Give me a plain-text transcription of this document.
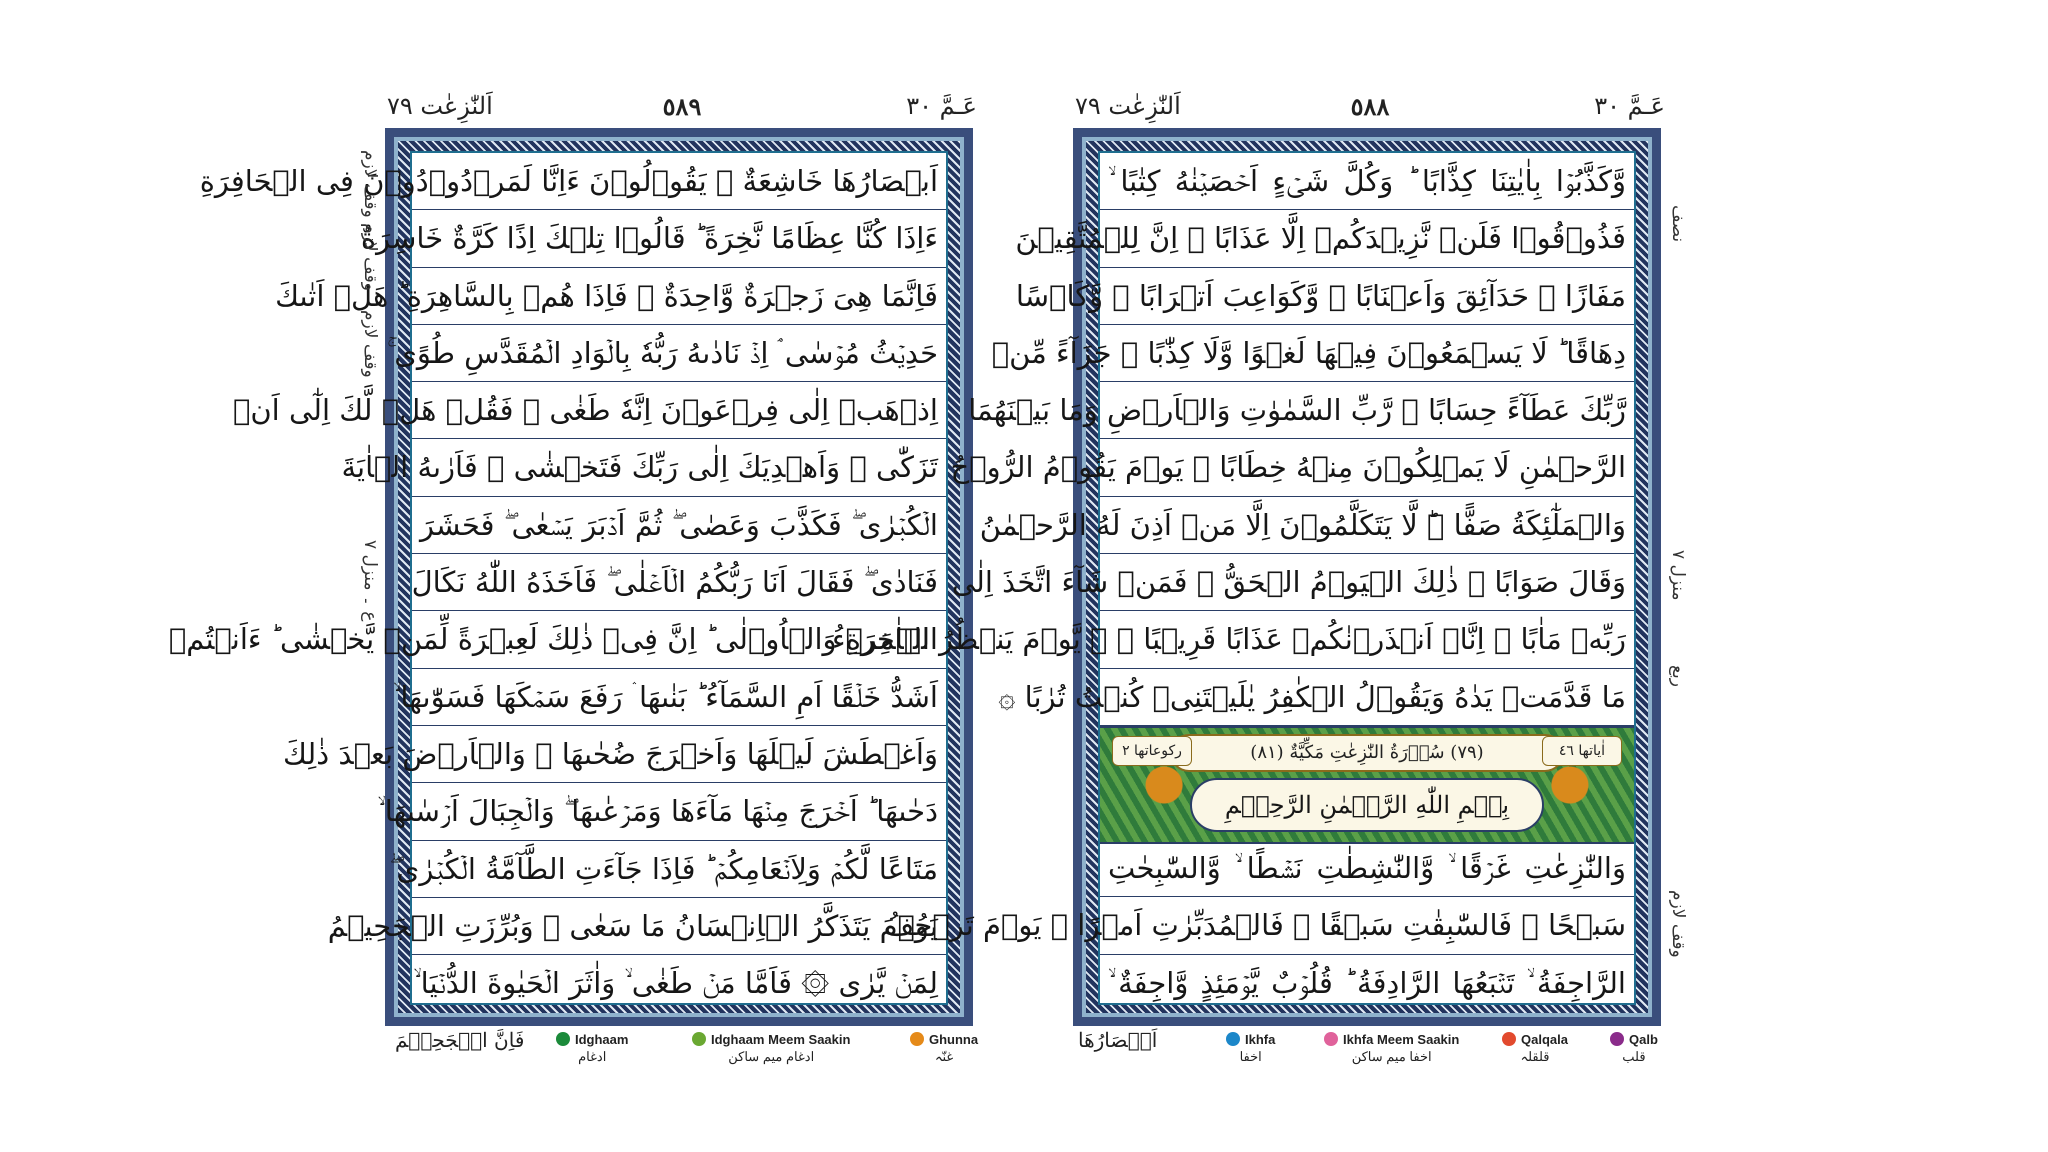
عَـمَّ ٣٠
٥٨٩
اَلنّٰزِعٰت ٧٩
اَبۡصَارُهَا خَاشِعَةٌ ۘ يَقُوۡلُوۡنَ ءَاِنَّا لَمَرۡدُوۡدُوۡنَ فِى الۡحَافِرَةِ
ءَاِذَا كُنَّا عِظَامًا نَّخِرَةً ؕ قَالُوۡا تِلۡكَ اِذًا كَرَّةٌ خَاسِرَةٌ
فَاِنَّمَا هِىَ زَجۡرَةٌ وَّاحِدَةٌ ۙ فَاِذَا هُمۡ بِالسَّاهِرَةِ ؕ هَلۡ اَتٰٮكَ
حَدِيۡثُ مُوۡسٰى ۘ اِذۡ نَادٰٮهُ رَبُّهٗ بِالۡوَادِ الۡمُقَدَّسِ طُوًى ۚ
اِذۡهَبۡ اِلٰى فِرۡعَوۡنَ اِنَّهٗ طَغٰى ۖ فَقُلۡ هَلۡ لَّكَ اِلٰٓى اَنۡ
تَزَكّٰى ۙ وَاَهۡدِيَكَ اِلٰى رَبِّكَ فَتَخۡشٰى ۚ فَاَرٰٮهُ الۡاٰيَةَ
الۡكُبۡرٰى ۖ فَكَذَّبَ وَعَصٰى ۖ ثُمَّ اَدۡبَرَ يَسۡعٰى ۖ فَحَشَرَ
فَنَادٰى ۖ فَقَالَ اَنَا رَبُّكُمُ الۡاَعۡلٰى ۖ فَاَخَذَهُ اللّٰهُ نَكَالَ
الۡاٰخِرَةِ وَالۡاُوۡلٰى ؕ اِنَّ فِىۡ ذٰلِكَ لَعِبۡرَةً لِّمَنۡ يَّخۡشٰى ؕ ءَاَنۡتُمۡ
اَشَدُّ خَلۡقًا اَمِ السَّمَآءُ ؕ بَنٰٮهَا ۛ رَفَعَ سَمۡكَهَا فَسَوّٰٮهَا ۙ
وَاَغۡطَشَ لَيۡلَهَا وَاَخۡرَجَ ضُحٰٮهَا ۖ وَالۡاَرۡضَ بَعۡدَ ذٰلِكَ
دَحٰٮهَا ؕ اَخۡرَجَ مِنۡهَا مَآءَهَا وَمَرۡعٰٮهَا ۖ وَالۡجِبَالَ اَرۡسٰٮهَا ۙ
مَتَاعًا لَّكُمۡ وَلِاَنۡعَامِكُمۡ ؕ فَاِذَا جَآءَتِ الطَّآمَّةُ الۡكُبۡرٰى ۖ
يَوۡمَ يَتَذَكَّرُ الۡاِنۡسَانُ مَا سَعٰى ۙ وَبُرِّزَتِ الۡجَحِيۡمُ
لِمَنۡ يَّرٰى ۞ فَاَمَّا مَنۡ طَغٰى ۙ وَاٰثَرَ الۡحَيٰوةَ الدُّنۡيَا ۙ
وقف لازم وقف لازم
وقف لازم
ع ۔ منزل ٧
عَـمَّ ٣٠
٥٨٨
اَلنّٰزِعٰت ٧٩
وَّكَذَّبُوۡا بِاٰيٰتِنَا كِذَّابًا ؕ وَكُلَّ شَىۡءٍ اَحۡصَيۡنٰهُ كِتٰبًا ۙ
فَذُوۡقُوۡا فَلَنۡ نَّزِيۡدَكُمۡ اِلَّا عَذَابًا ۚ اِنَّ لِلۡمُتَّقِيۡنَ
مَفَازًا ۙ حَدَآئِقَ وَاَعۡنَابًا ۙ وَّكَوَاعِبَ اَتۡرَابًا ۙ وَّكَاۡسًا
دِهَاقًا ؕ لَا يَسۡمَعُوۡنَ فِيۡهَا لَغۡوًا وَّلَا كِذّٰبًا ۚ جَزَآءً مِّنۡ
رَّبِّكَ عَطَآءً حِسَابًا ۙ رَّبِّ السَّمٰوٰتِ وَالۡاَرۡضِ وَمَا بَيۡنَهُمَا
الرَّحۡمٰنِ لَا يَمۡلِكُوۡنَ مِنۡهُ خِطَابًا ۚ يَوۡمَ يَقُوۡمُ الرُّوۡحُ
وَالۡمَلٰٓئِكَةُ صَفًّا ۛؕ لَّا يَتَكَلَّمُوۡنَ اِلَّا مَنۡ اَذِنَ لَهُ الرَّحۡمٰنُ
وَقَالَ صَوَابًا ۞ ذٰلِكَ الۡيَوۡمُ الۡحَقُّ ۚ فَمَنۡ شَآءَ اتَّخَذَ اِلٰى
رَبِّهٖ مَاٰبًا ۞ اِنَّاۤ اَنۡذَرۡنٰكُمۡ عَذَابًا قَرِيۡبًا ۖ ۚ يَّوۡمَ يَنۡظُرُ الۡمَرۡءُ
مَا قَدَّمَتۡ يَدٰهُ وَيَقُوۡلُ الۡكٰفِرُ يٰلَيۡتَنِىۡ كُنۡتُ تُرٰبًا ۞
(٧٩) سُوۡرَةُ النّٰزِعٰتِ مَكِّيَّةٌ (٨١)	اٰياتها ٤٦
ركوعاتها ٢
بِسۡمِ اللّٰهِ الرَّحۡمٰنِ الرَّحِيۡمِ
وَالنّٰزِعٰتِ غَرۡقًا ۙ وَّالنّٰشِطٰتِ نَشۡطًا ۙ وَّالسّٰبِحٰتِ
سَبۡحًا ۙ فَالسّٰبِقٰتِ سَبۡقًا ۙ فَالۡمُدَبِّرٰتِ اَمۡرًا ۘ يَوۡمَ تَرۡجُفُ
الرَّاجِفَةُ ۙ تَتۡبَعُهَا الرَّادِفَةُ ؕ قُلُوۡبٌ يَّوۡمَئِذٍ وَّاجِفَةٌ ۙ
نصف
منزل ٧
ربع
وقف لازم
فَاِنَّ الۡجَحِيۡمَ	Idghaam
ادغام
Idghaam Meem Saakin
ادغام میم ساکن
Ghunna
غنّہ
اَبۡصَارُهَا	Ikhfa
اخفا
Ikhfa Meem Saakin
اخفا میم ساکن
Qalqala
قلقلہ
Qalb
قلب
